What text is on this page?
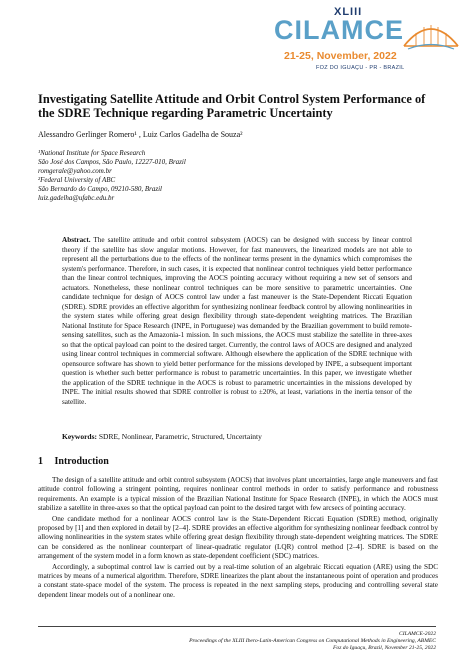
XLIII
CILAMCE
21-25, November, 2022
FOZ DO IGUAÇU - PR - BRAZIL
Investigating Satellite Attitude and Orbit Control System Performance of the SDRE Technique regarding Parametric Uncertainty
Alessandro Gerlinger Romero¹ , Luiz Carlos Gadelha de Souza²
¹National Institute for Space Research
São José dos Campos, São Paulo, 12227-010, Brazil
romgerale@yahoo.com.br
²Federal University of ABC
São Bernardo do Campo, 09210-580, Brazil
luiz.gadelha@ufabc.edu.br

Abstract. The satellite attitude and orbit control subsystem (AOCS) can be designed with success by linear control theory if the satellite has slow angular motions. However, for fast maneuvers, the linearized models are not able to represent all the perturbations due to the effects of the nonlinear terms present in the dynamics which compromises the system's performance. Therefore, in such cases, it is expected that nonlinear control techniques yield better performance than the linear control techniques, improving the AOCS pointing accuracy without requiring a new set of sensors and actuators. Nonetheless, these nonlinear control techniques can be more sensitive to parametric uncertainties. One candidate technique for design of AOCS control law under a fast maneuver is the State-Dependent Riccati Equation (SDRE). SDRE provides an effective algorithm for synthesizing nonlinear feedback control by allowing nonlinearities in the system states while offering great design flexibility through state-dependent weighting matrices. The Brazilian National Institute for Space Research (INPE, in Portuguese) was demanded by the Brazilian government to build remote-sensing satellites, such as the Amazonia-1 mission. In such missions, the AOCS must stabilize the satellite in three-axes so that the optical payload can point to the desired target. Currently, the control laws of AOCS are designed and analyzed using linear control techniques in commercial software. Although elsewhere the application of the SDRE technique with opensource software has shown to yield better performance for the missions developed by INPE, a subsequent important question is whether such better performance is robust to parametric uncertainties. In this paper, we investigate whether the application of the SDRE technique in the AOCS is robust to parametric uncertainties in the missions developed by INPE. The initial results showed that SDRE controller is robust to ±20%, at least, variations in the inertia tensor of the satellite.

Keywords: SDRE, Nonlinear, Parametric, Structured, Uncertainty
1 Introduction

The design of a satellite attitude and orbit control subsystem (AOCS) that involves plant uncertainties, large angle maneuvers and fast attitude control following a stringent pointing, requires nonlinear control methods in order to satisfy performance and robustness requirements. An example is a typical mission of the Brazilian National Institute for Space Research (INPE), in which the AOCS must stabilize a satellite in three-axes so that the optical payload can point to the desired target with few arcsecs of pointing accuracy.

One candidate method for a nonlinear AOCS control law is the State-Dependent Riccati Equation (SDRE) method, originally proposed by [1] and then explored in detail by [2–4]. SDRE provides an effective algorithm for synthesizing nonlinear feedback control by allowing nonlinearities in the system states while offering great design flexibility through state-dependent weighting matrices. The SDRE can be considered as the nonlinear counterpart of linear-quadratic regulator (LQR) control method [2–4]. SDRE is based on the arrangement of the system model in a form known as state-dependent coefficient (SDC) matrices.

Accordingly, a suboptimal control law is carried out by a real-time solution of an algebraic Riccati equation (ARE) using the SDC matrices by means of a numerical algorithm. Therefore, SDRE linearizes the plant about the instantaneous point of operation and produces a constant state-space model of the system. The process is repeated in the next sampling steps, producing and controlling several state dependent linear models out of a nonlinear one.

CILAMCE-2022
Proceedings of the XLIII Ibero-Latin-American Congress on Computational Methods in Engineering, ABMEC
Foz do Iguaçu, Brazil, November 21-25, 2022
